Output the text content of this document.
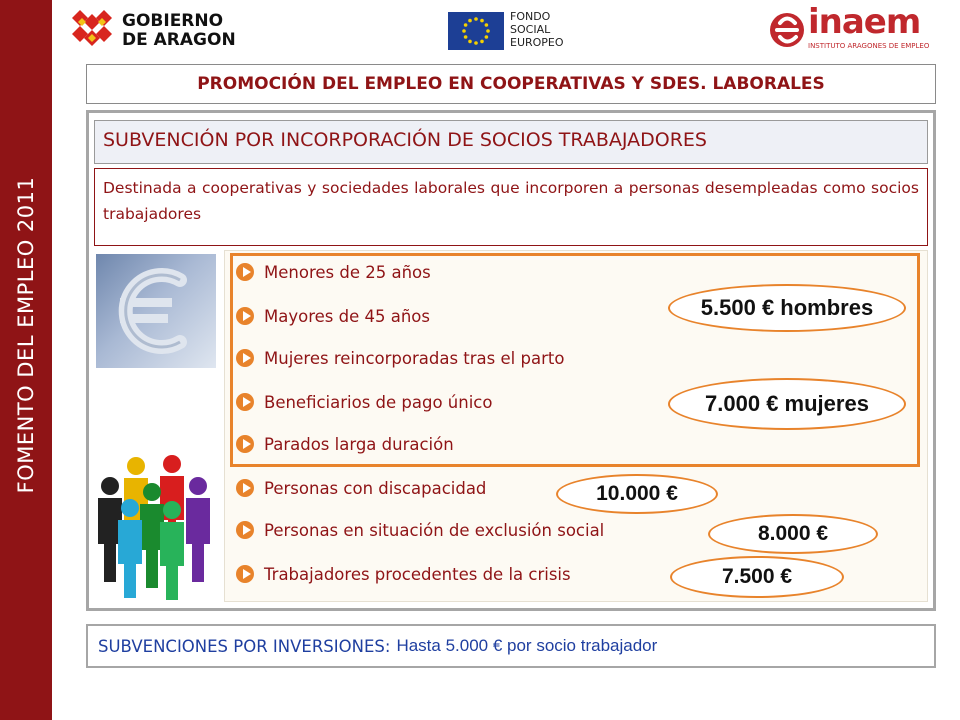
FOMENTO DEL EMPLEO 2011
GOBIERNO
DE ARAGON
FONDO
SOCIAL
EUROPEO
inaem
INSTITUTO ARAGONES DE EMPLEO
PROMOCIÓN DEL EMPLEO EN COOPERATIVAS Y SDES. LABORALES
SUBVENCIÓN POR INCORPORACIÓN DE SOCIOS TRABAJADORES
Destinada a cooperativas y sociedades laborales que incorporen a personas desempleadas como socios trabajadores
Menores de 25 años
Mayores de 45 años
Mujeres reincorporadas tras el parto
Beneficiarios de pago único
Parados larga duración
Personas con discapacidad
Personas en situación de exclusión social
Trabajadores procedentes de la crisis
5.500 € hombres
7.000 € mujeres
10.000 €
8.000 €
7.500 €
SUBVENCIONES POR INVERSIONES: Hasta 5.000 € por socio trabajador
